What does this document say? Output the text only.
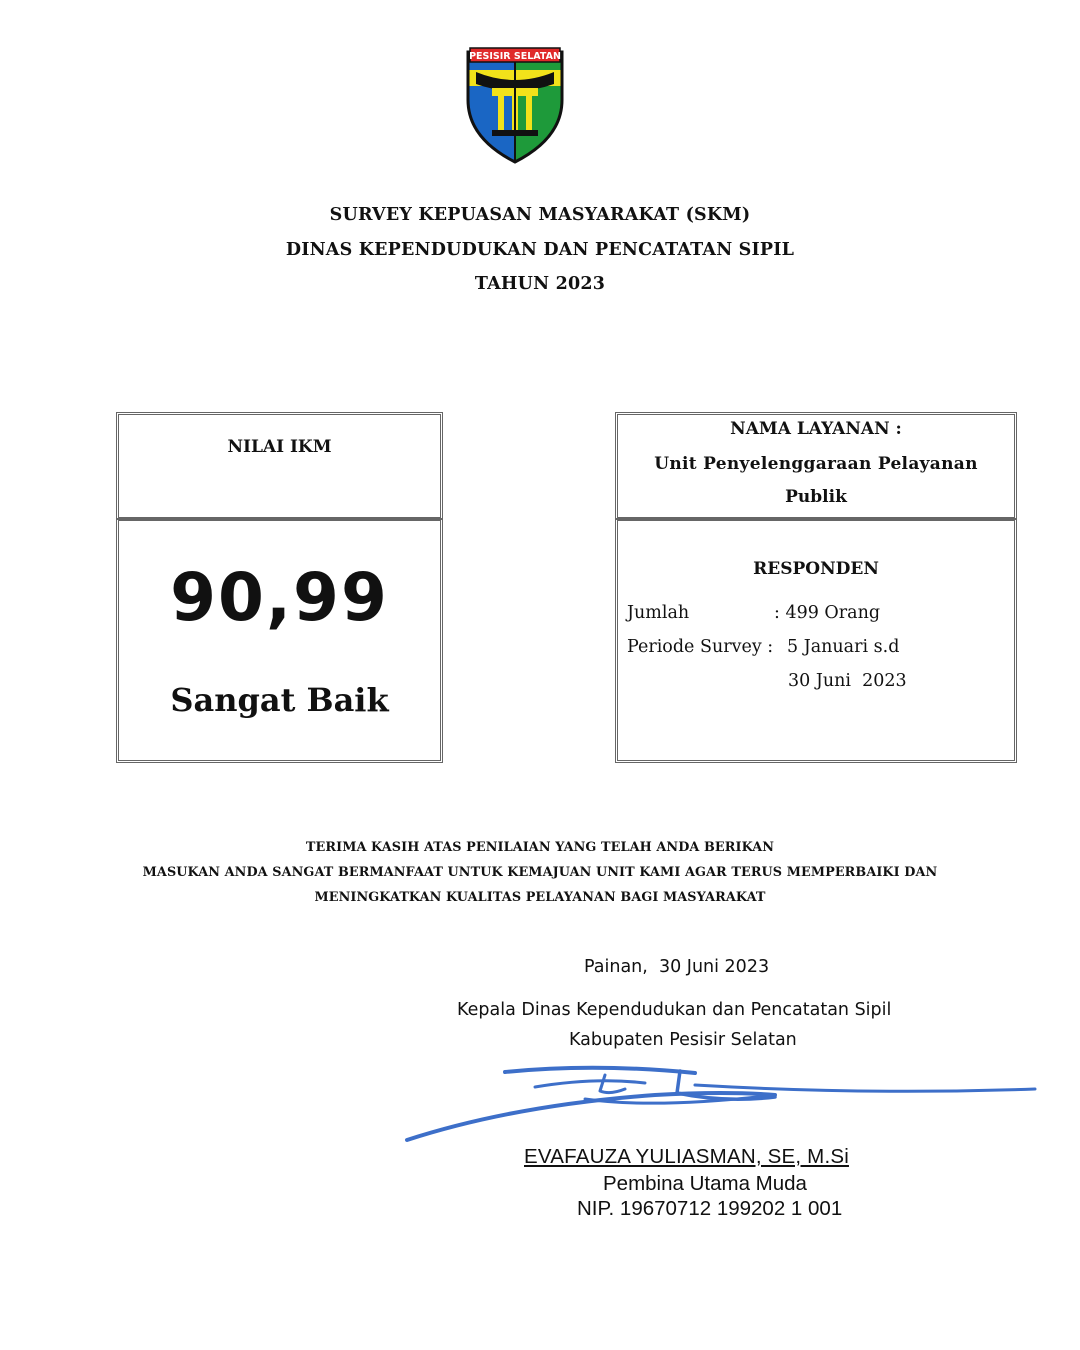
PESISIR SELATAN
SURVEY KEPUASAN MASYARAKAT (SKM)
DINAS KEPENDUDUKAN DAN PENCATATAN SIPIL
TAHUN 2023
NILAI IKM
90,99
Sangat Baik
NAMA LAYANAN :
Unit Penyelenggaraan Pelayanan
Publik
RESPONDEN
Jumlah	: 499 Orang
Periode Survey : 5 Januari s.d
30 Juni  2023
TERIMA KASIH ATAS PENILAIAN YANG TELAH ANDA BERIKAN
MASUKAN ANDA SANGAT BERMANFAAT UNTUK KEMAJUAN UNIT KAMI AGAR TERUS MEMPERBAIKI DAN
MENINGKATKAN KUALITAS PELAYANAN BAGI MASYARAKAT
Painan,  30 Juni 2023
Kepala Dinas Kependudukan dan Pencatatan Sipil
Kabupaten Pesisir Selatan
EVAFAUZA YULIASMAN, SE, M.Si
Pembina Utama Muda
NIP. 19670712 199202 1 001
